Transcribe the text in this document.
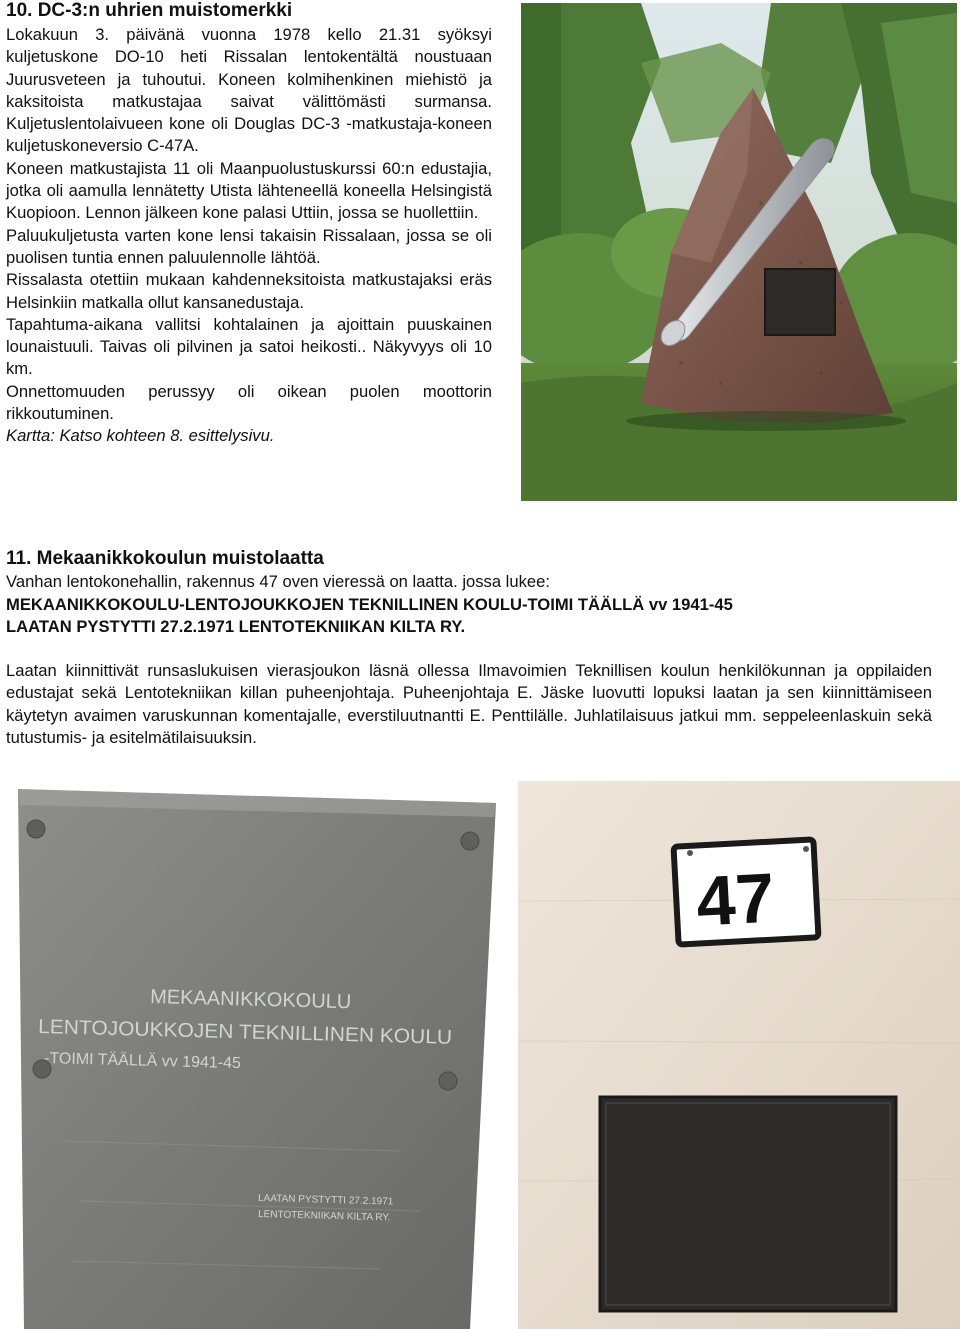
10. DC-3:n uhrien muistomerkki

Lokakuun 3. päivänä vuonna 1978 kello 21.31 syöksyi kuljetuskone DO-10 heti Rissalan lentokentältä noustuaan Juurusveteen ja tuhoutui. Koneen kolmihenkinen miehistö ja kaksitoista matkustajaa saivat välittömästi surmansa. Kuljetuslentolaivueen kone oli Douglas DC-3 -matkustaja-koneen kuljetuskoneversio C-47A.

Koneen matkustajista 11 oli Maanpuolustuskurssi 60:n edustajia, jotka oli aamulla lennätetty Utista lähteneellä koneella Helsingistä Kuopioon. Lennon jälkeen kone palasi Uttiin, jossa se huollettiin.

Paluukuljetusta varten kone lensi takaisin Rissalaan, jossa se oli puolisen tuntia ennen paluulennolle lähtöä.

Rissalasta otettiin mukaan kahdenneksitoista matkustajaksi eräs Helsinkiin matkalla ollut kansanedustaja.

Tapahtuma-aikana vallitsi kohtalainen ja ajoittain puuskainen lounaistuuli. Taivas oli pilvinen ja satoi heikosti.. Näkyvyys oli 10 km.

Onnettomuuden perussyy oli oikean puolen moottorin rikkoutuminen.

Kartta: Katso kohteen 8. esittelysivu.

11. Mekaanikkokoulun muistolaatta
Vanhan lentokonehallin, rakennus 47 oven vieressä on laatta. jossa lukee:
MEKAANIKKOKOULU-LENTOJOUKKOJEN TEKNILLINEN KOULU-TOIMI TÄÄLLÄ vv 1941-45
LAATAN PYSTYTTI 27.2.1971 LENTOTEKNIIKAN KILTA RY.
Laatan kiinnittivät runsaslukuisen vierasjoukon läsnä ollessa Ilmavoimien Teknillisen koulun henkilökunnan ja oppilaiden edustajat sekä Lentotekniikan killan puheenjohtaja. Puheenjohtaja E. Jäske luovutti lopuksi laatan ja sen kiinnittämiseen käytetyn avaimen varuskunnan komentajalle, everstiluutnantti E. Penttilälle. Juhlatilaisuus jatkui mm. seppeleenlaskuin sekä tutustumis- ja esitelmätilaisuuksin.
MEKAANIKKOKOULU
LENTOJOUKKOJEN TEKNILLINEN KOULU
-TOIMI TÄÄLLÄ vv 1941-45
47
LAATAN PYSTYTTI 27.2.1971
LENTOTEKNIIKAN KILTA RY.
